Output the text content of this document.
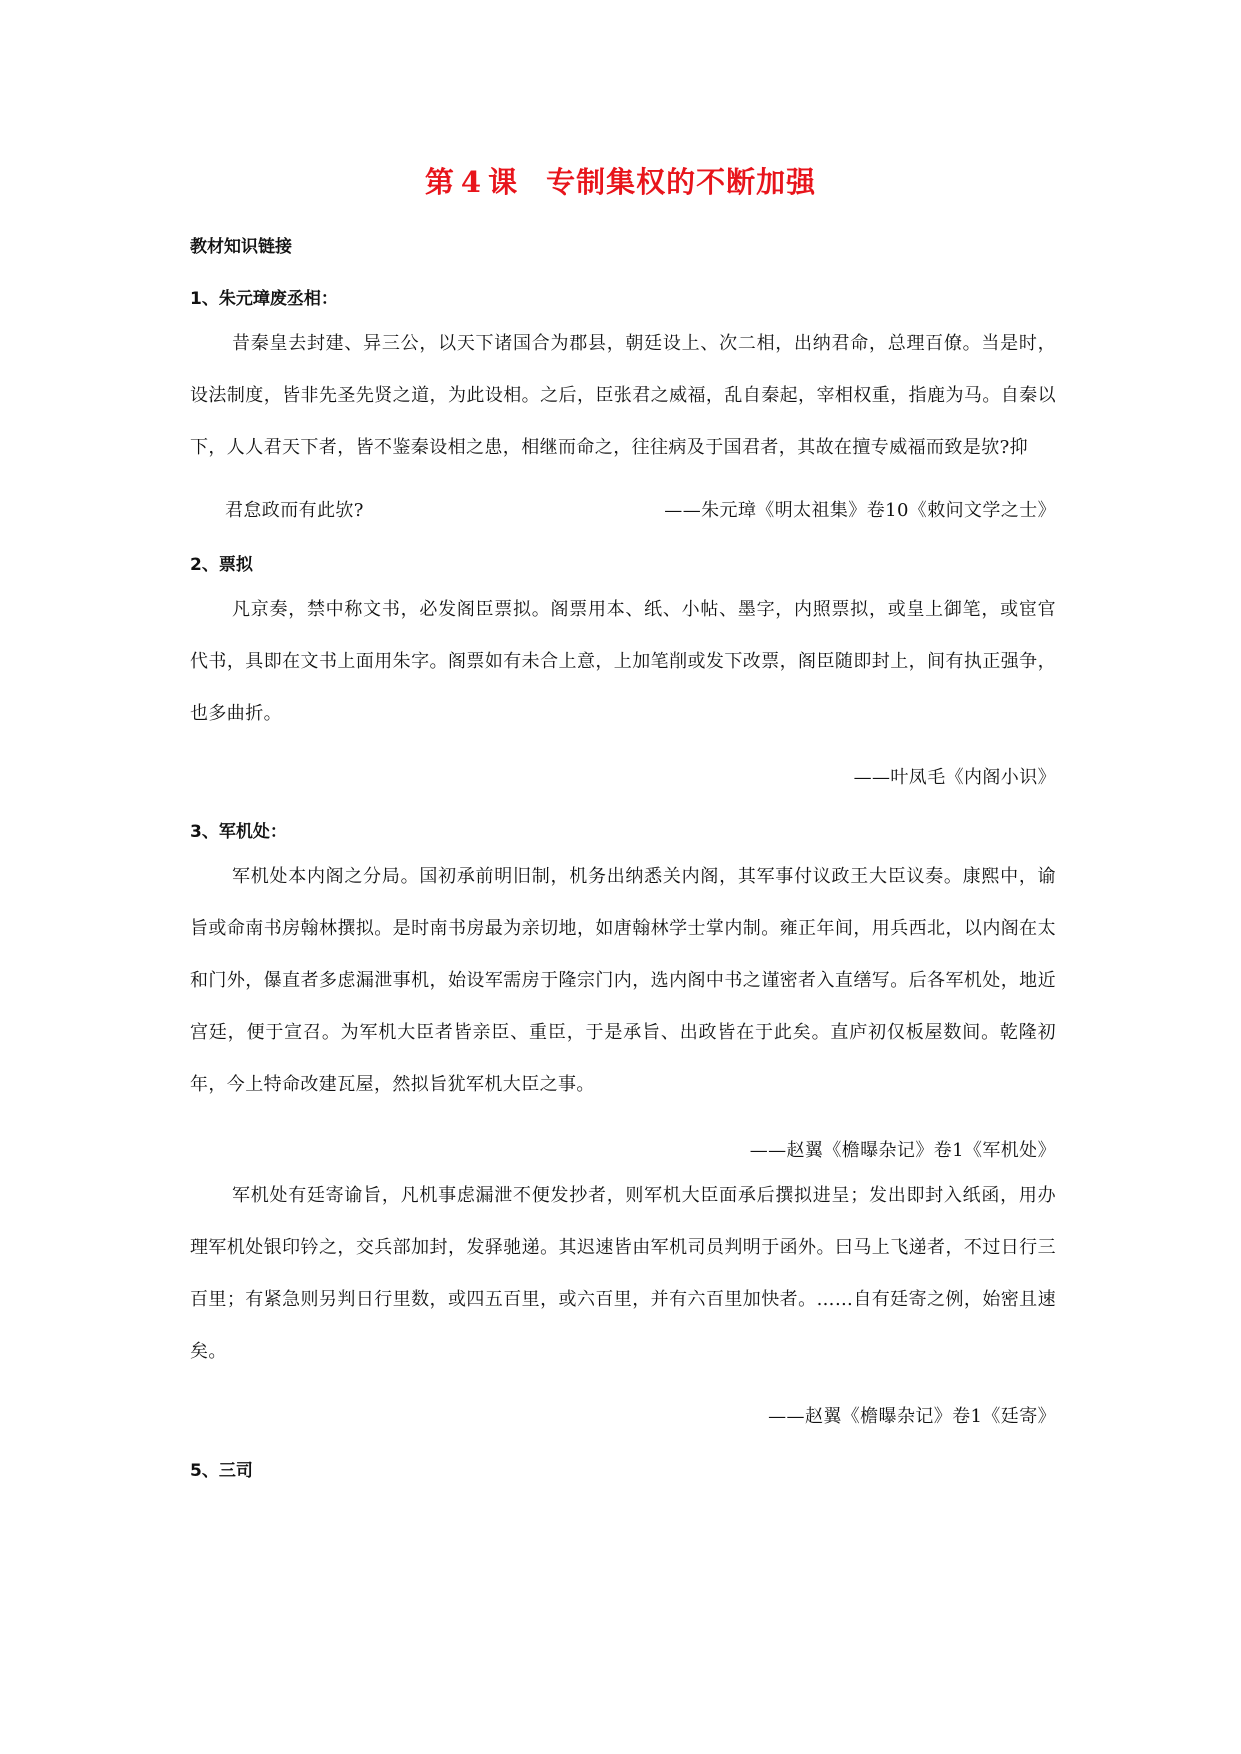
第 4 课 专制集权的不断加强
教材知识链接
1、朱元璋废丞相：
昔秦皇去封建、异三公，以天下诸国合为郡县，朝廷设上、次二相，出纳君命，总理百僚。当是时，设法制度，皆非先圣先贤之道，为此设相。之后，臣张君之威福，乱自秦起，宰相权重，指鹿为马。自秦以下，人人君天下者，皆不鉴秦设相之患，相继而命之，往往病及于国君者，其故在擅专威福而致是欤?抑
君怠政而有此欤?	——朱元璋《明太祖集》卷10《敕问文学之士》
2、票拟
凡京奏，禁中称文书，必发阁臣票拟。阁票用本、纸、小帖、墨字，内照票拟，或皇上御笔，或宦官代书，具即在文书上面用朱字。阁票如有未合上意，上加笔削或发下改票，阁臣随即封上，间有执正强争，也多曲折。
——叶凤毛《内阁小识》
3、军机处：
军机处本内阁之分局。国初承前明旧制，机务出纳悉关内阁，其军事付议政王大臣议奏。康熙中，谕旨或命南书房翰林撰拟。是时南书房最为亲切地，如唐翰林学士掌内制。雍正年间，用兵西北，以内阁在太和门外，儤直者多虑漏泄事机，始设军需房于隆宗门内，选内阁中书之谨密者入直缮写。后各军机处，地近宫廷，便于宣召。为军机大臣者皆亲臣、重臣，于是承旨、出政皆在于此矣。直庐初仅板屋数间。乾隆初年，今上特命改建瓦屋，然拟旨犹军机大臣之事。
——赵翼《檐曝杂记》卷1《军机处》
军机处有廷寄谕旨，凡机事虑漏泄不便发抄者，则军机大臣面承后撰拟进呈；发出即封入纸函，用办理军机处银印钤之，交兵部加封，发驿驰递。其迟速皆由军机司员判明于函外。曰马上飞递者，不过日行三百里；有紧急则另判日行里数，或四五百里，或六百里，并有六百里加快者。……自有廷寄之例，始密且速矣。
——赵翼《檐曝杂记》卷1《廷寄》
5、三司
